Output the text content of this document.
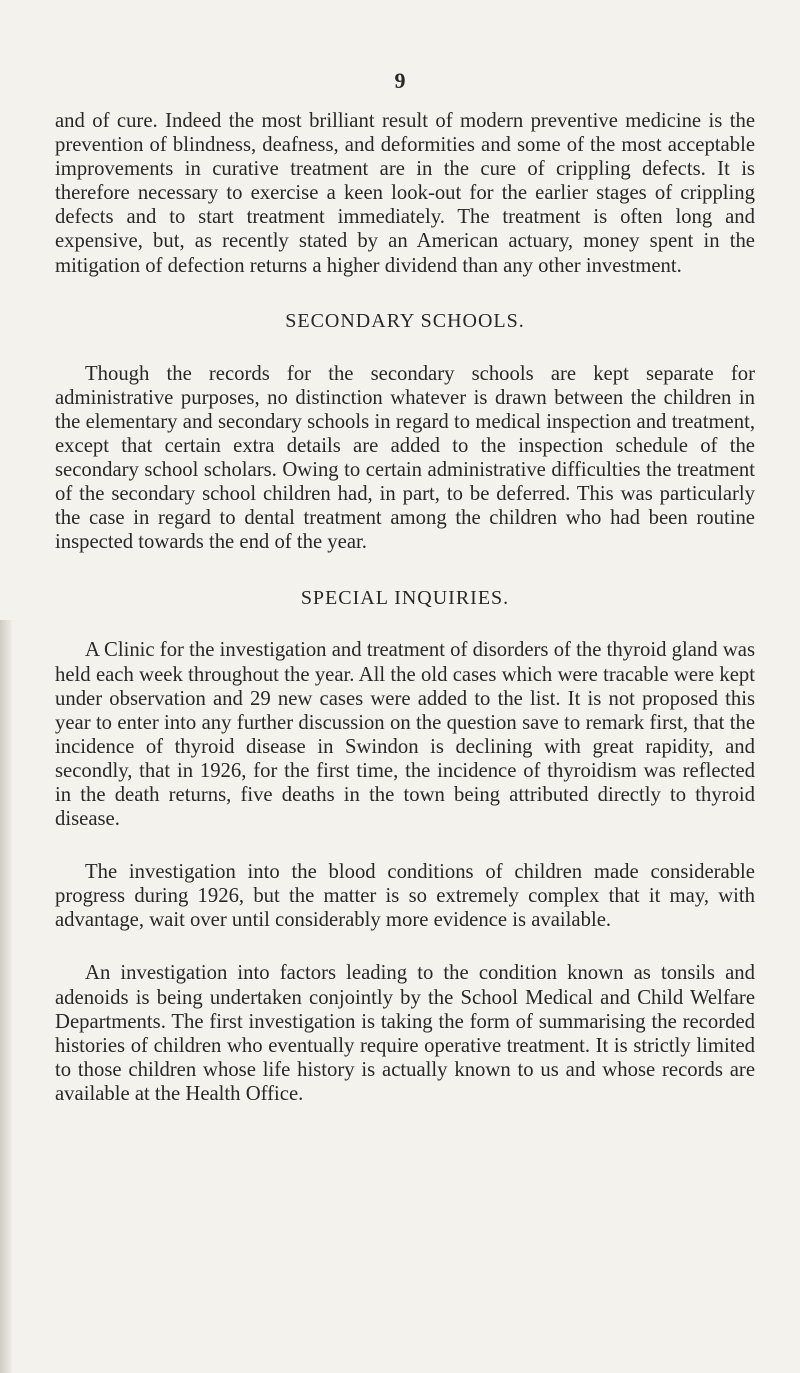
9

and of cure. Indeed the most brilliant result of modern preventive medicine is the prevention of blindness, deafness, and deformities and some of the most acceptable improvements in curative treatment are in the cure of crippling defects. It is therefore necessary to exercise a keen look-out for the earlier stages of crippling defects and to start treatment immediately. The treatment is often long and expensive, but, as recently stated by an American actuary, money spent in the mitigation of defection returns a higher dividend than any other investment.

SECONDARY SCHOOLS.

Though the records for the secondary schools are kept separate for administrative purposes, no distinction whatever is drawn between the children in the elementary and secondary schools in regard to medical inspection and treatment, except that certain extra details are added to the inspection schedule of the secondary school scholars. Owing to certain administrative difficulties the treatment of the secondary school children had, in part, to be deferred. This was particularly the case in regard to dental treatment among the children who had been routine inspected towards the end of the year.

SPECIAL INQUIRIES.

A Clinic for the investigation and treatment of disorders of the thyroid gland was held each week throughout the year. All the old cases which were tracable were kept under observation and 29 new cases were added to the list. It is not proposed this year to enter into any further discussion on the question save to remark first, that the incidence of thyroid disease in Swindon is declining with great rapidity, and secondly, that in 1926, for the first time, the incidence of thyroidism was reflected in the death returns, five deaths in the town being attributed directly to thyroid disease.

The investigation into the blood conditions of children made considerable progress during 1926, but the matter is so extremely complex that it may, with advantage, wait over until considerably more evidence is available.

An investigation into factors leading to the condition known as tonsils and adenoids is being undertaken conjointly by the School Medical and Child Welfare Departments. The first investigation is taking the form of summarising the recorded histories of children who eventually require operative treatment. It is strictly limited to those children whose life history is actually known to us and whose records are available at the Health Office.
